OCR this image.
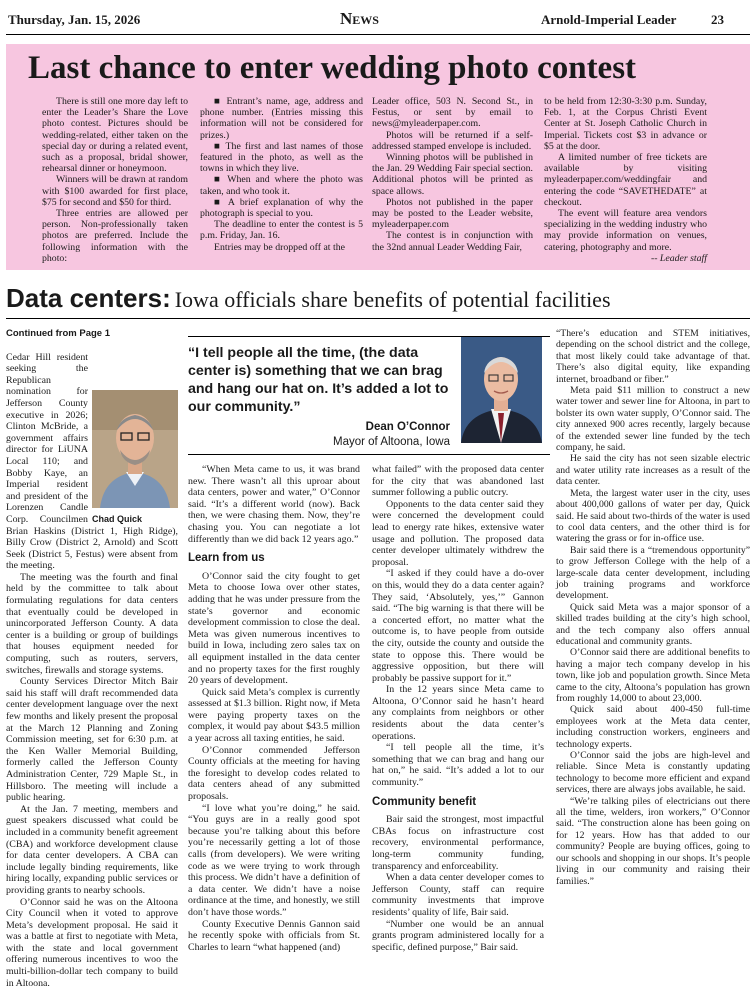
Thursday, Jan. 15, 2026	News	Arnold-Imperial Leader	23
Last chance to enter wedding photo contest

There is still one more day left to enter the Leader’s Share the Love photo contest. Pictures should be wedding-related, either taken on the special day or during a related event, such as a proposal, bridal shower, rehearsal dinner or honeymoon.

Winners will be drawn at random with $100 awarded for first place, $75 for second and $50 for third.

Three entries are allowed per person. Non-professionally taken photos are preferred. Include the following information with the photo:

■ Entrant’s name, age, address and phone number. (Entries missing this information will not be considered for prizes.)

■ The first and last names of those featured in the photo, as well as the towns in which they live.

■ When and where the photo was taken, and who took it.

■ A brief explanation of why the photograph is special to you.

The deadline to enter the contest is 5 p.m. Friday, Jan. 16.

Entries may be dropped off at the

Leader office, 503 N. Second St., in Festus, or sent by email to news@myleaderpaper.com.

Photos will be returned if a self-addressed stamped envelope is included.

Winning photos will be published in the Jan. 29 Wedding Fair special section. Additional photos will be printed as space allows.

Photos not published in the paper may be posted to the Leader website, myleaderpaper.com

The contest is in conjunction with the 32nd annual Leader Wedding Fair,

to be held from 12:30-3:30 p.m. Sunday, Feb. 1, at the Corpus Christi Event Center at St. Joseph Catholic Church in Imperial. Tickets cost $3 in advance or $5 at the door.

A limited number of free tickets are available by visiting myleaderpaper.com/weddingfair and entering the code “SAVETHEDATE” at checkout.

The event will feature area vendors specializing in the wedding industry who may provide information on venues, catering, photography and more.

-- Leader staff

Data centers: Iowa officials share benefits of potential facilities
Continued from Page 1
Chad Quick

Cedar Hill resident seeking the Republican nomination for Jefferson County executive in 2026; Clinton McBride, a government affairs director for LiUNA Local 110; and Bobby Kaye, an Imperial resident and president of the Lorenzen Candle Corp. Councilmen Brian Haskins (District 1, High Ridge), Billy Crow (District 2, Arnold) and Scott Seek (District 5, Festus) were absent from the meeting.

The meeting was the fourth and final held by the committee to talk about formulating regulations for data centers that eventually could be developed in unincorporated Jefferson County. A data center is a building or group of buildings that houses equipment needed for computing, such as routers, servers, switches, firewalls and storage systems.

County Services Director Mitch Bair said his staff will draft recommended data center development language over the next few months and likely present the proposal at the March 12 Planning and Zoning Commission meeting, set for 6:30 p.m. at the Ken Waller Memorial Building, formerly called the Jefferson County Administration Center, 729 Maple St., in Hillsboro. The meeting will include a public hearing.

At the Jan. 7 meeting, members and guest speakers discussed what could be included in a community benefit agreement (CBA) and workforce development clause for data center developers. A CBA can include legally binding requirements, like hiring locally, expanding public services or providing grants to nearby schools.

O’Connor said he was on the Altoona City Council when it voted to approve Meta’s development proposal. He said it was a battle at first to negotiate with Meta, with the state and local government offering numerous incentives to woo the multi-billion-dollar tech company to build in Altoona.

“I tell people all the time, (the data center is) something that we can brag and hang our hat on. It’s added a lot to our community.”
Dean O’Connor
Mayor of Altoona, Iowa

“When Meta came to us, it was brand new. There wasn’t all this uproar about data centers, power and water,” O’Connor said. “It’s a different world (now). Back then, we were chasing them. Now, they’re chasing you. You can negotiate a lot differently than we did back 12 years ago.”

Learn from us

O’Connor said the city fought to get Meta to choose Iowa over other states, adding that he was under pressure from the state’s governor and economic development commission to close the deal. Meta was given numerous incentives to build in Iowa, including zero sales tax on all equipment installed in the data center and no property taxes for the first roughly 20 years of development.

Quick said Meta’s complex is currently assessed at $1.3 billion. Right now, if Meta were paying property taxes on the complex, it would pay about $43.5 million a year across all taxing entities, he said.

O’Connor commended Jefferson County officials at the meeting for having the foresight to develop codes related to data centers ahead of any submitted proposals.

“I love what you’re doing,” he said. “You guys are in a really good spot because you’re talking about this before you’re necessarily getting a lot of those calls (from developers). We were writing code as we were trying to work through this process. We didn’t have a definition of a data center. We didn’t have a noise ordinance at the time, and honestly, we still don’t have those words.”

County Executive Dennis Gannon said he recently spoke with officials from St. Charles to learn “what happened (and)

what failed” with the proposed data center for the city that was abandoned last summer following a public outcry.

Opponents to the data center said they were concerned the development could lead to energy rate hikes, extensive water usage and pollution. The proposed data center developer ultimately withdrew the proposal.

“I asked if they could have a do-over on this, would they do a data center again? They said, ‘Absolutely, yes,’” Gannon said. “The big warning is that there will be a concerted effort, no matter what the outcome is, to have people from outside the city, outside the county and outside the state to oppose this. There would be aggressive opposition, but there will probably be passive support for it.”

In the 12 years since Meta came to Altoona, O’Connor said he hasn’t heard any complaints from neighbors or other residents about the data center’s operations.

“I tell people all the time, it’s something that we can brag and hang our hat on,” he said. “It’s added a lot to our community.”

Community benefit

Bair said the strongest, most impactful CBAs focus on infrastructure cost recovery, environmental performance, long-term community funding, transparency and enforceability.

When a data center developer comes to Jefferson County, staff can require community investments that improve residents’ quality of life, Bair said.

“Number one would be an annual grants program administered locally for a specific, defined purpose,” Bair said.

“There’s education and STEM initiatives, depending on the school district and the college, that most likely could take advantage of that. There’s also digital equity, like expanding internet, broadband or fiber.”

Meta paid $11 million to construct a new water tower and sewer line for Altoona, in part to bolster its own water supply, O’Connor said. The city annexed 900 acres recently, largely because of the extended sewer line funded by the tech company, he said.

He said the city has not seen sizable electric and water utility rate increases as a result of the data center.

Meta, the largest water user in the city, uses about 400,000 gallons of water per day, Quick said. He said about two-thirds of the water is used to cool data centers, and the other third is for watering the grass or for in-office use.

Bair said there is a “tremendous opportunity” to grow Jefferson College with the help of a large-scale data center development, including job training programs and workforce development.

Quick said Meta was a major sponsor of a skilled trades building at the city’s high school, and the tech company also offers annual educational and community grants.

O’Connor said there are additional benefits to having a major tech company develop in his town, like job and population growth. Since Meta came to the city, Altoona’s population has grown from roughly 14,000 to about 23,000.

Quick said about 400-450 full-time employees work at the Meta data center, including construction workers, engineers and technology experts.

O’Connor said the jobs are high-level and reliable. Since Meta is constantly updating technology to become more efficient and expand services, there are always jobs available, he said.

“We’re talking piles of electricians out there all the time, welders, iron workers,” O’Connor said. “The construction alone has been going on for 12 years. How has that added to our community? People are buying offices, going to our schools and shopping in our shops. It’s people living in our community and raising their families.”
